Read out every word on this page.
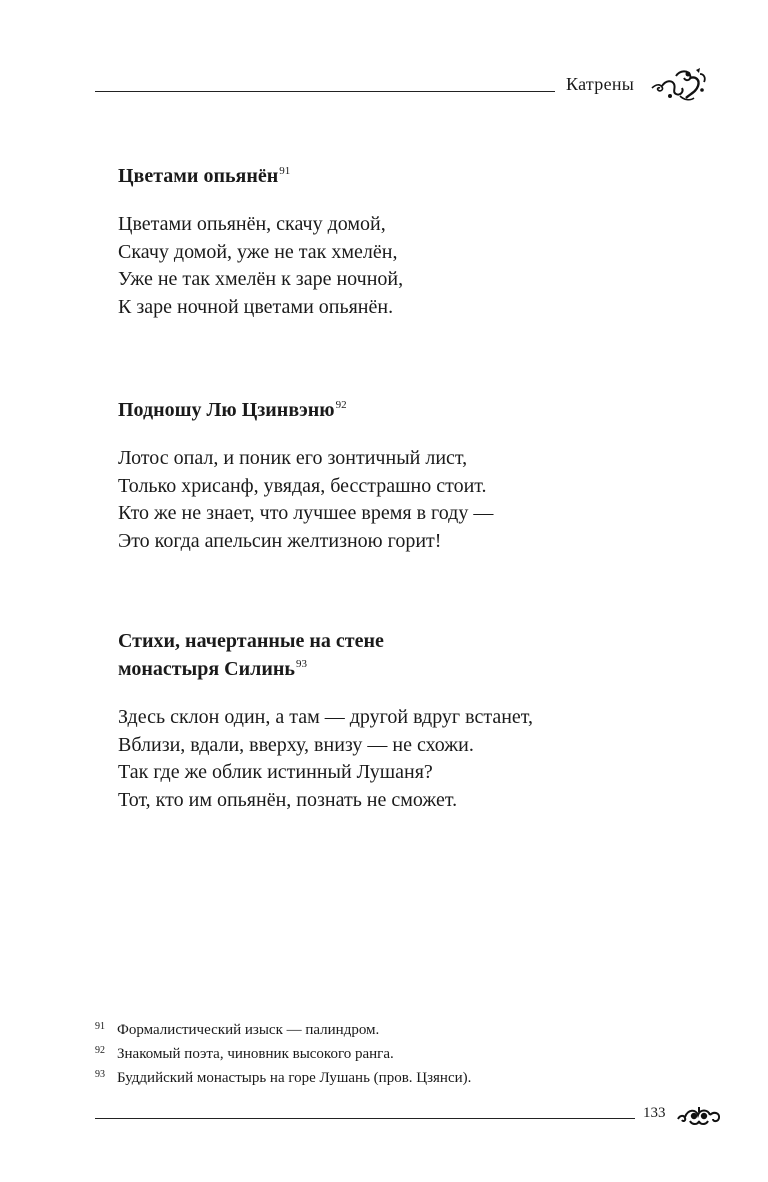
Катрены
Цветами опьянён$^{91}$
Цветами опьянён, скачу домой,
Скачу домой, уже не так хмелён,
Уже не так хмелён к заре ночной,
К заре ночной цветами опьянён.
Подношу Лю Цзинвэню$^{92}$
Лотос опал, и поник его зонтичный лист,
Только хрисанф, увядая, бесстрашно стоит.
Кто же не знает, что лучшее время в году —
Это когда апельсин желтизною горит!
Стихи, начертанные на стене
монастыря Силинь$^{93}$
Здесь склон один, а там — другой вдруг встанет,
Вблизи, вдали, вверху, внизу — не схожи.
Так где же облик истинный Лушаня?
Тот, кто им опьянён, познать не сможет.
91 Формалистический изыск — палиндром.
92 Знакомый поэта, чиновник высокого ранга.
93 Буддийский монастырь на горе Лушань (пров. Цзянси).
133
